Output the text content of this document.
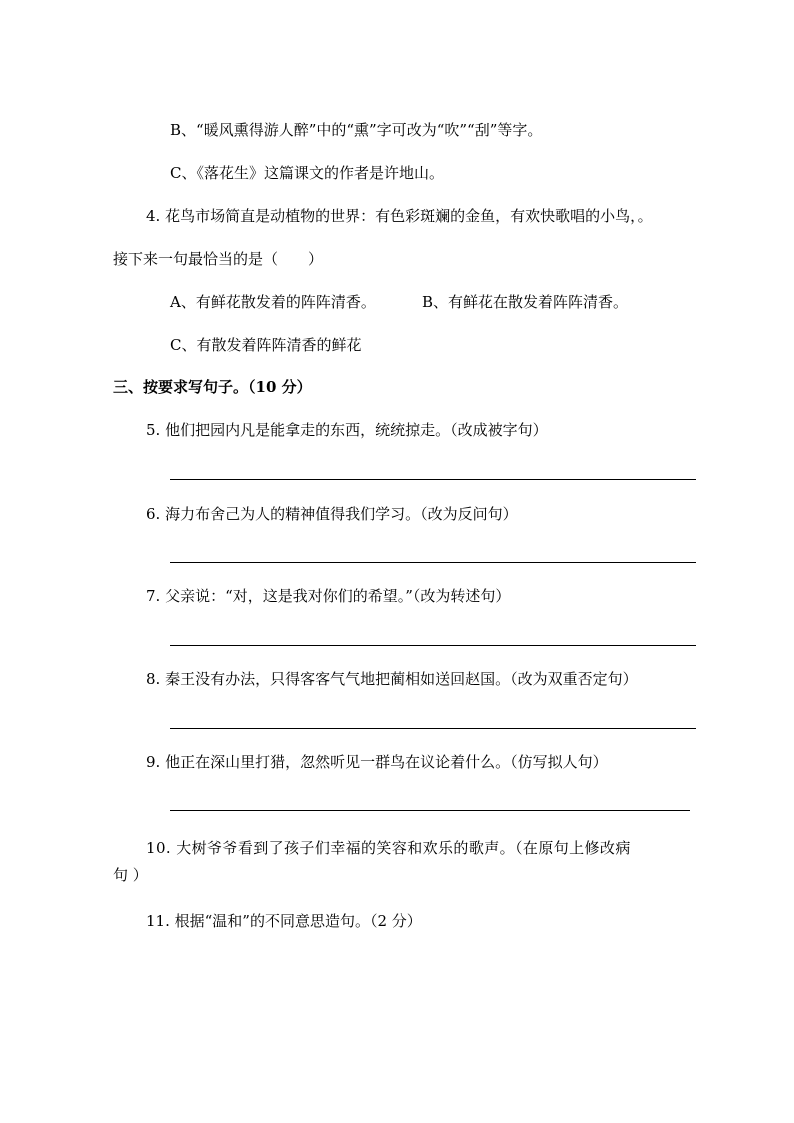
B、“暖风熏得游人醉”中的“熏”字可改为“吹”“刮”等字。
C、《落花生》这篇课文的作者是许地山。
4. 花鸟市场简直是动植物的世界：有色彩斑斓的金鱼，有欢快歌唱的小鸟，。
接下来一句最恰当的是（　　）
A、有鲜花散发着的阵阵清香。	B、有鲜花在散发着阵阵清香。
C、有散发着阵阵清香的鲜花
三、按要求写句子。（10 分）
5. 他们把园内凡是能拿走的东西，统统掠走。（改成被字句）
6. 海力布舍己为人的精神值得我们学习。（改为反问句）
7. 父亲说：“对，这是我对你们的希望。”（改为转述句）
8. 秦王没有办法，只得客客气气地把蔺相如送回赵国。（改为双重否定句）
9. 他正在深山里打猎，忽然听见一群鸟在议论着什么。（仿写拟人句）
10. 大树爷爷看到了孩子们幸福的笑容和欢乐的歌声。（在原句上修改病
句 ）
11. 根据“温和”的不同意思造句。（2 分）
